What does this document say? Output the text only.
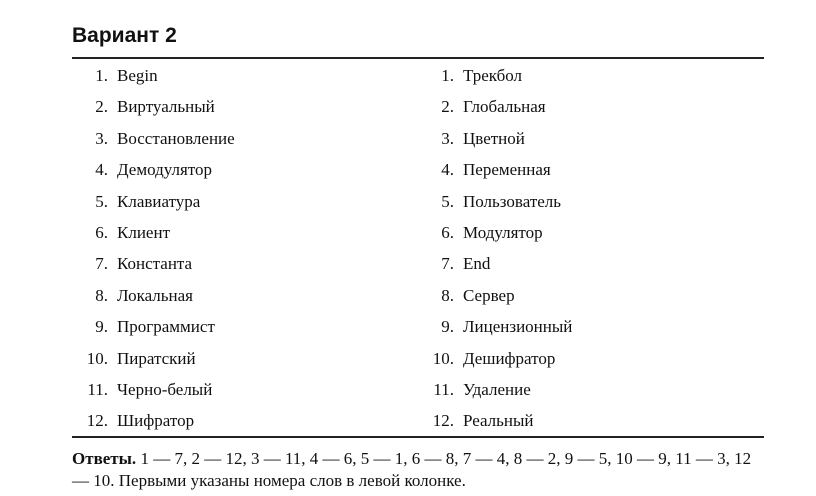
Вариант 2
1. Begin
2. Виртуальный
3. Восстановление
4. Демодулятор
5. Клавиатура
6. Клиент
7. Константа
8. Локальная
9. Программист
10. Пиратский
11. Черно-белый
12. Шифратор
1. Трекбол
2. Глобальная
3. Цветной
4. Переменная
5. Пользователь
6. Модулятор
7. End
8. Сервер
9. Лицензионный
10. Дешифратор
11. Удаление
12. Реальный
Ответы. 1 — 7, 2 — 12, 3 — 11, 4 — 6, 5 — 1, 6 — 8, 7 — 4, 8 — 2, 9 — 5, 10 — 9, 11 — 3, 12 — 10. Первыми указаны номера слов в левой колонке.
